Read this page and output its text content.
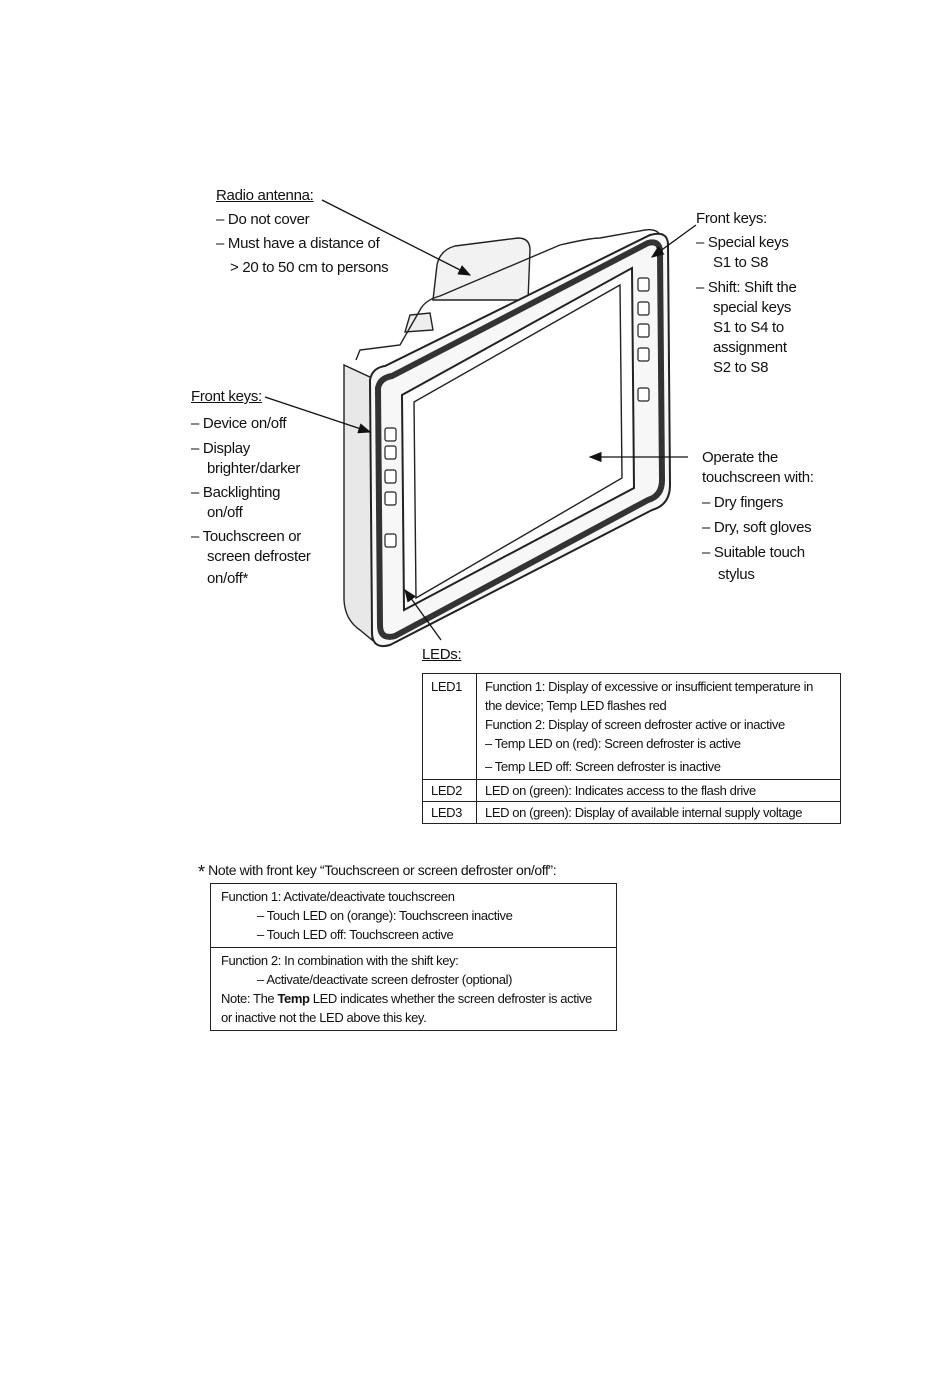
Radio antenna:
– Do not cover
– Must have a distance of
> 20 to 50 cm to persons
Front keys:
– Special keys
S1 to S8
– Shift: Shift the
special keys
S1 to S4 to
assignment
S2 to S8
Front keys:
– Device on/off
– Display
brighter/darker
– Backlighting
on/off
– Touchscreen or
screen defroster
on/off*
Operate the
touchscreen with:
– Dry fingers
– Dry, soft gloves
– Suitable touch
stylus
LEDs:
LED1	Function 1: Display of excessive or insufficient temperature in
the device; Temp LED flashes red
Function 2: Display of screen defroster active or inactive
– Temp LED on (red): Screen defroster is active
– Temp LED off: Screen defroster is inactive

LED2	LED on (green): Indicates access to the flash drive
LED3	LED on (green): Display of available internal supply voltage
* Note with front key “Touchscreen or screen defroster on/off”:
Function 1: Activate/deactivate touchscreen
– Touch LED on (orange): Touchscreen inactive
– Touch LED off: Touchscreen active

Function 2: In combination with the shift key:
– Activate/deactivate screen defroster (optional)
Note: The Temp LED indicates whether the screen defroster is active
or inactive not the LED above this key.
